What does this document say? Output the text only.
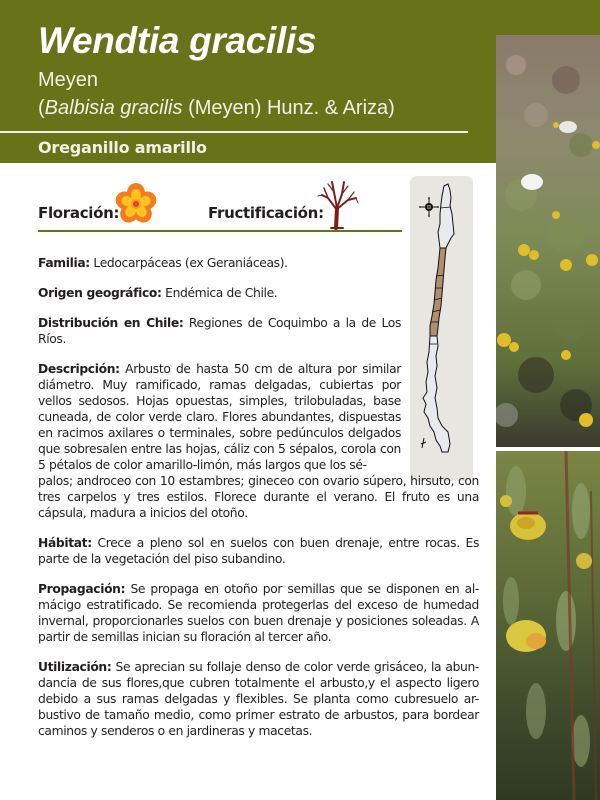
Wendtia gracilis
Meyen
(Balbisia gracilis (Meyen) Hunz. & Ariza)
Oreganillo amarillo
Floración:	Fructificación:

Familia: Ledocarpáceas (ex Geraniáceas).

Origen geográfico: Endémica de Chile.

Distribución en Chile: Regiones de Coquimbo a la de Los Ríos.

Descripción: Arbusto de hasta 50 cm de altura por similar diámetro. Muy ramificado, ramas delgadas, cubiertas por vellos sedosos. Hojas opuestas, simples, trilobuladas, base cuneada, de color verde claro. Flores abundantes, dispuestas en racimos axilares o terminales, sobre pedúnculos delgados que sobresalen entre las hojas, cáliz con 5 sépalos, corola con 5 pétalos de color amarillo-limón, más largos que los sé-

palos; androceo con 10 estambres; gineceo con ovario súpero, hirsuto, con tres carpelos y tres estilos. Florece durante el verano. El fruto es una cápsula, madura a inicios del otoño.

Hábitat: Crece a pleno sol en suelos con buen drenaje, entre rocas. Es parte de la vegetación del piso subandino.

Propagación: Se propaga en otoño por semillas que se disponen en al-mácigo estratificado. Se recomienda protegerlas del exceso de humedad invernal, proporcionarles suelos con buen drenaje y posiciones soleadas. A partir de semillas inician su floración al tercer año.

Utilización: Se aprecian su follaje denso de color verde grisáceo, la abun-dancia de sus flores,que cubren totalmente el arbusto,y el aspecto ligero debido a sus ramas delgadas y flexibles. Se planta como cubresuelo ar-bustivo de tamaño medio, como primer estrato de arbustos, para bordear caminos y senderos o en jardineras y macetas.
